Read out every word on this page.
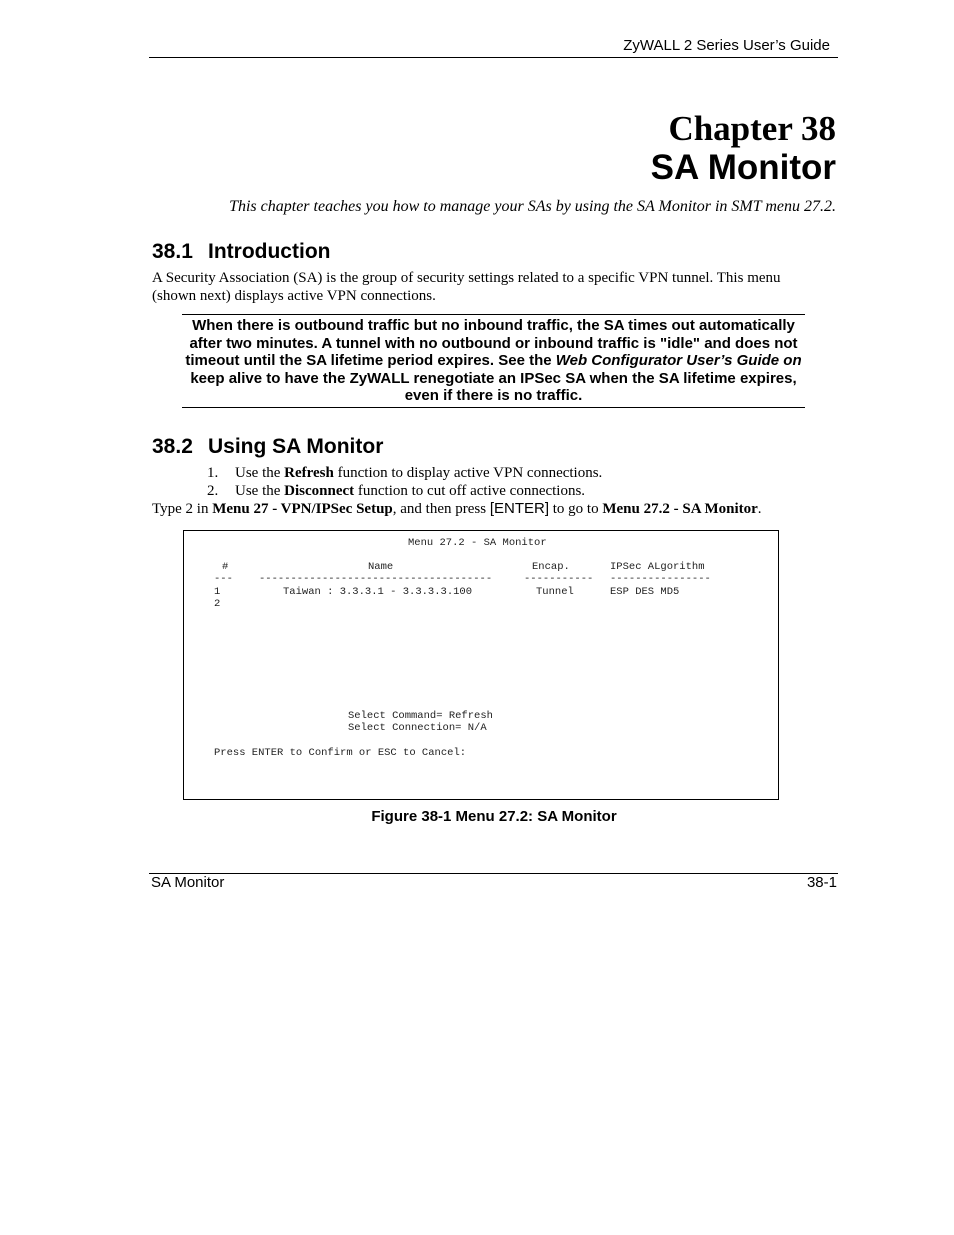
ZyWALL 2 Series User’s Guide
Chapter 38
SA Monitor
This chapter teaches you how to manage your SAs by using the SA Monitor in SMT menu 27.2.
38.1 Introduction
A Security Association (SA) is the group of security settings related to a specific VPN tunnel. This menu
(shown next) displays active VPN connections.
When there is outbound traffic but no inbound traffic, the SA times out automatically after two minutes. A tunnel with no outbound or inbound traffic is "idle" and does not timeout until the SA lifetime period expires. See the Web Configurator User’s Guide on keep alive to have the ZyWALL renegotiate an IPSec SA when the SA lifetime expires, even if there is no traffic.
38.2 Using SA Monitor
1. Use the Refresh function to display active VPN connections.
2. Use the Disconnect function to cut off active connections.
Type 2 in Menu 27 - VPN/IPSec Setup, and then press [ENTER] to go to Menu 27.2 - SA Monitor.
Menu 27.2 - SA Monitor
#	Name	Encap.	IPSec ALgorithm
--- -------------------------------------	----------- ----------------
1	Taiwan : 3.3.3.1 - 3.3.3.3.100	Tunnel	ESP DES MD5
2
Select Command= Refresh
Select Connection= N/A
Press ENTER to Confirm or ESC to Cancel:
Figure 38-1 Menu 27.2: SA Monitor
SA Monitor	38-1
